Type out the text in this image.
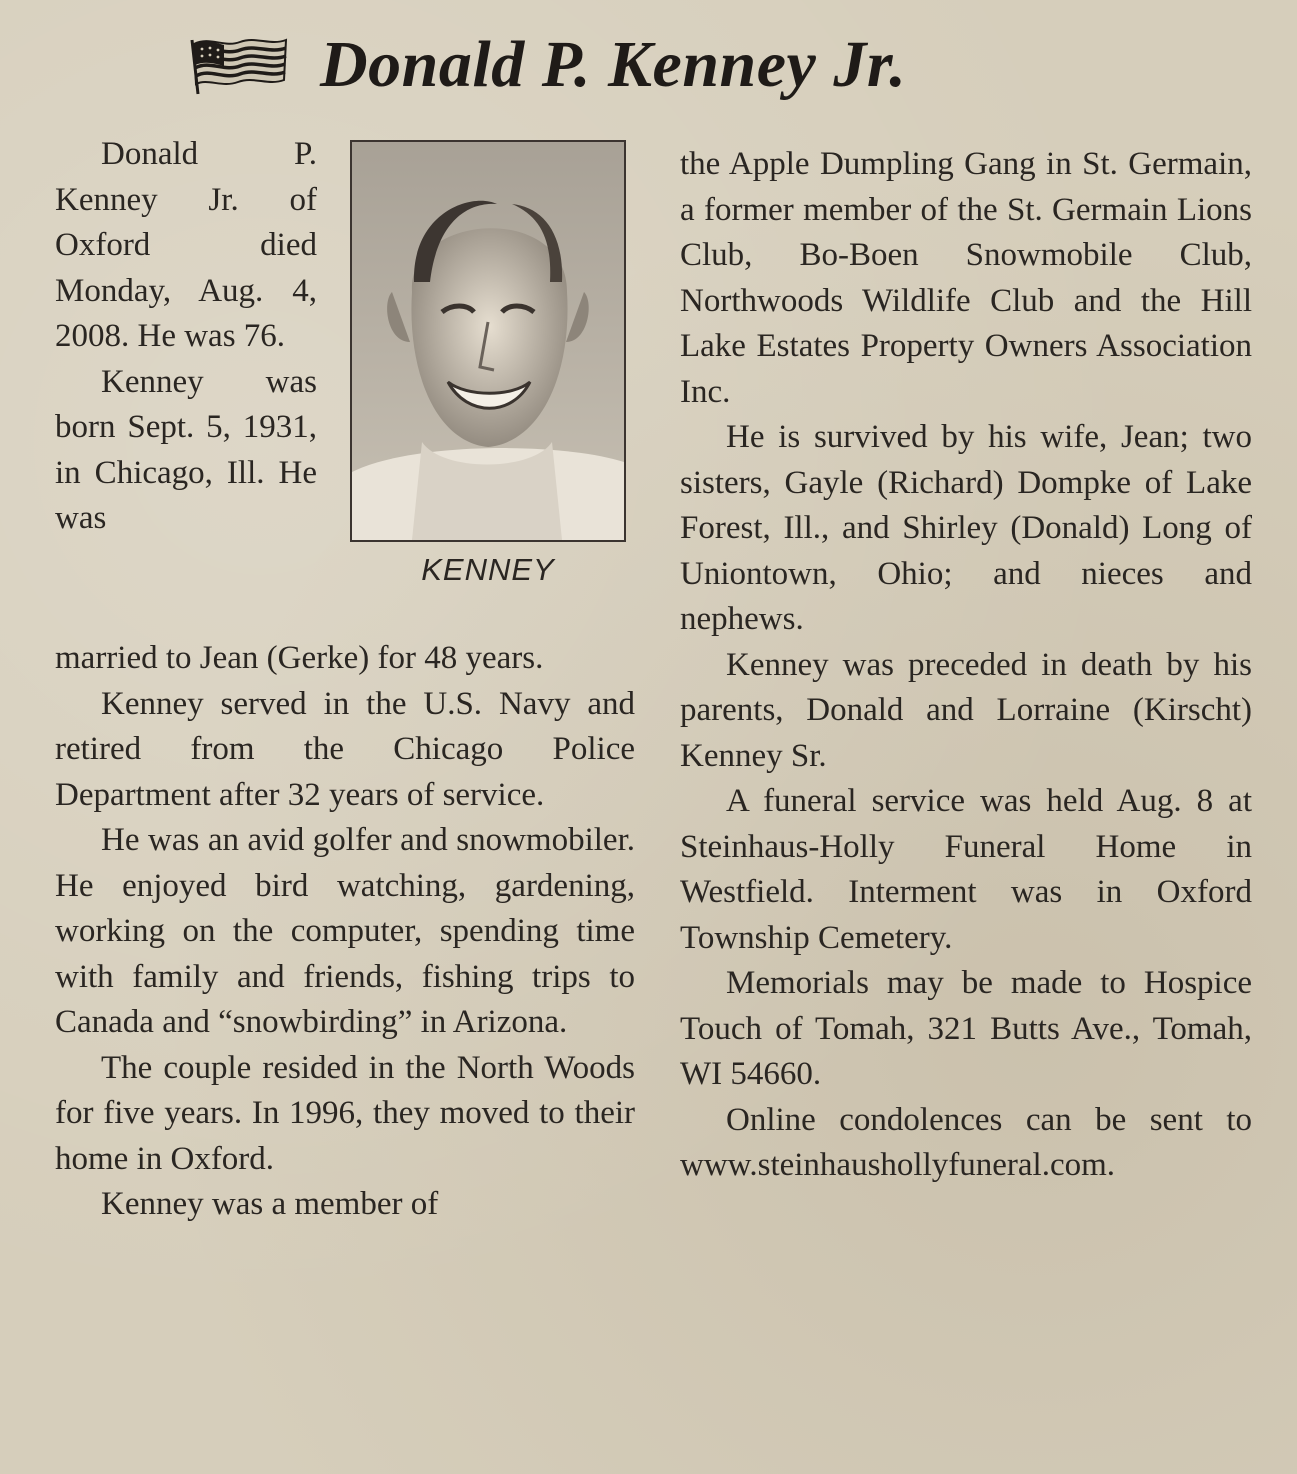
Donald P. Kenney Jr.

Donald P. Kenney Jr. of Oxford died Monday, Aug. 4, 2008. He was 76.

Kenney was born Sept. 5, 1931, in Chicago, Ill. He was

KENNEY

married to Jean (Gerke) for 48 years.

Kenney served in the U.S. Navy and retired from the Chicago Police Department after 32 years of service.

He was an avid golfer and snowmobiler. He enjoyed bird watching, gardening, working on the computer, spending time with family and friends, fishing trips to Canada and “snowbirding” in Arizona.

The couple resided in the North Woods for five years. In 1996, they moved to their home in Oxford.

Kenney was a member of

the Apple Dumpling Gang in St. Germain, a former member of the St. Germain Lions Club, Bo-Boen Snowmobile Club, Northwoods Wildlife Club and the Hill Lake Estates Property Owners Association Inc.

He is survived by his wife, Jean; two sisters, Gayle (Richard) Dompke of Lake Forest, Ill., and Shirley (Donald) Long of Uniontown, Ohio; and nieces and nephews.

Kenney was preceded in death by his parents, Donald and Lorraine (Kirscht) Kenney Sr.

A funeral service was held Aug. 8 at Steinhaus-Holly Funeral Home in Westfield. Interment was in Oxford Township Cemetery.

Memorials may be made to Hospice Touch of Tomah, 321 Butts Ave., Tomah, WI 54660.

Online condolences can be sent to www.steinhaushollyfuneral.com.
